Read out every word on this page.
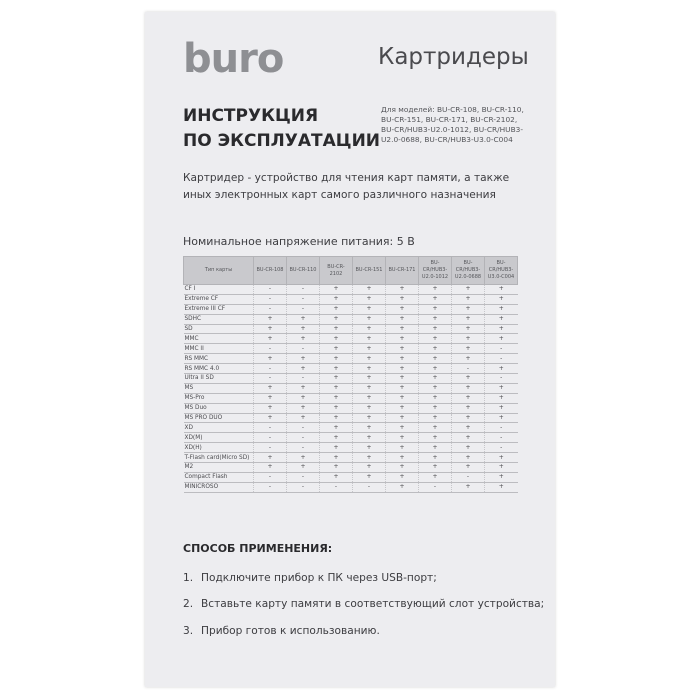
buro	Картридеры
ИНСТРУКЦИЯ
ПО ЭКСПЛУАТАЦИИ
Для моделей: BU-CR-108, BU-CR-110, BU-CR-151, BU-CR-171, BU-CR-2102, BU-CR/HUB3-U2.0-1012, BU-CR/HUB3-U2.0-0688, BU-CR/HUB3-U3.0-C004
Картридер - устройство для чтения карт памяти, а также иных электронных карт самого различного назначения
Номинальное напряжение питания: 5 В
Тип карты	BU-CR-108	BU-CR-110	BU-CR-2102	BU-CR-151	BU-CR-171	BU-CR/HUB3-U2.0-1012	BU-CR/HUB3-U2.0-0688	BU-CR/HUB3-U3.0-C004
CF I	-	-	+	+	+	+	+	+
Extreme CF	-	-	+	+	+	+	+	+
Extreme III CF	-	-	+	+	+	+	+	+
SDHC	+	+	+	+	+	+	+	+
SD	+	+	+	+	+	+	+	+
MMC	+	+	+	+	+	+	+	+
MMC II	-	-	+	+	+	+	+	-
RS MMC	+	+	+	+	+	+	+	-
RS MMC 4.0	-	+	+	+	+	+	-	+
Ultra II SD	-	-	+	+	+	+	+	-
MS	+	+	+	+	+	+	+	+
MS-Pro	+	+	+	+	+	+	+	+
MS Duo	+	+	+	+	+	+	+	+
MS PRO DUO	+	+	+	+	+	+	+	+
XD	-	-	+	+	+	+	+	-
XD(M)	-	-	+	+	+	+	+	-
XD(H)	-	-	+	+	+	+	+	-
T-Flash card(Micro SD)	+	+	+	+	+	+	+	+
M2	+	+	+	+	+	+	+	+
Compact Flash	-	-	+	+	+	+	-	+
MINICROSO	-	-	-	-	+	-	+	+
СПОСОБ ПРИМЕНЕНИЯ:
1. Подключите прибор к ПК через USB-порт;
2. Вставьте карту памяти в соответствующий слот устройства;
3. Прибор готов к использованию.
